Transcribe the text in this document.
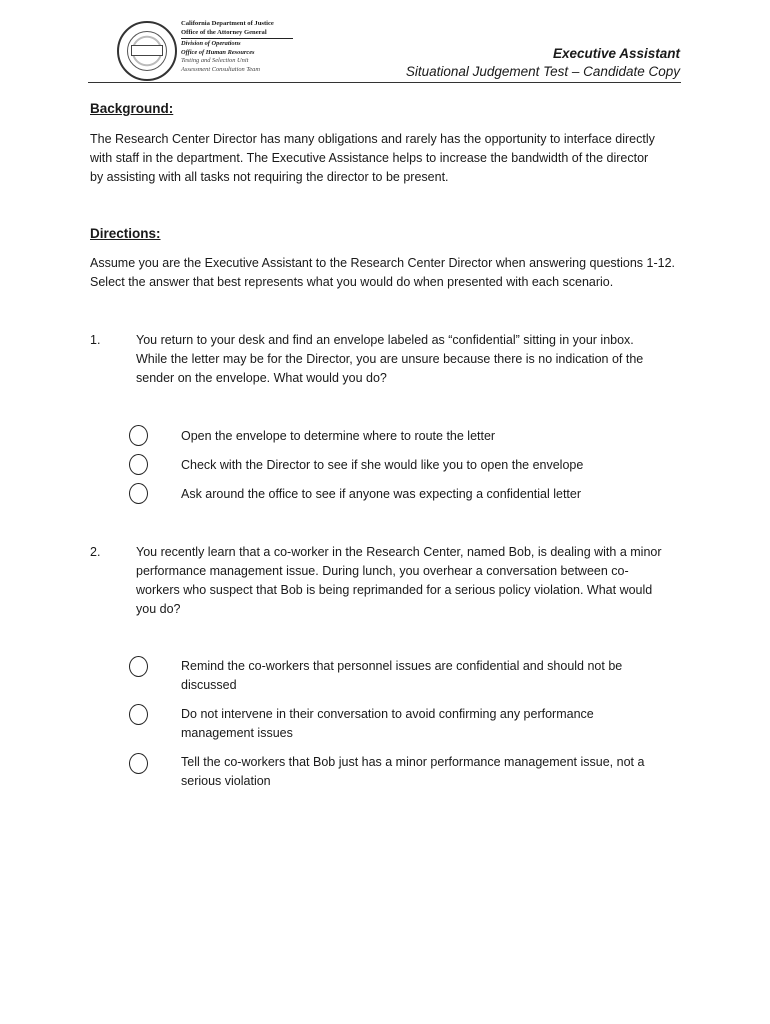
California Department of Justice
Office of the Attorney General
Division of Operations
Office of Human Resources
Testing and Selection Unit
Assessment Consultation Team
Executive Assistant
Situational Judgement Test – Candidate Copy
Background:
The Research Center Director has many obligations and rarely has the opportunity to interface directly
with staff in the department. The Executive Assistance helps to increase the bandwidth of the director
by assisting with all tasks not requiring the director to be present.
Directions:
Assume you are the Executive Assistant to the Research Center Director when answering questions 1-12.
Select the answer that best represents what you would do when presented with each scenario.
1.	You return to your desk and find an envelope labeled as “confidential” sitting in your inbox.
While the letter may be for the Director, you are unsure because there is no indication of the
sender on the envelope. What would you do?
Open the envelope to determine where to route the letter
Check with the Director to see if she would like you to open the envelope
Ask around the office to see if anyone was expecting a confidential letter
2.	You recently learn that a co-worker in the Research Center, named Bob, is dealing with a minor
performance management issue. During lunch, you overhear a conversation between co-
workers who suspect that Bob is being reprimanded for a serious policy violation. What would
you do?
Remind the co-workers that personnel issues are confidential and should not be
discussed
Do not intervene in their conversation to avoid confirming any performance
management issues
Tell the co-workers that Bob just has a minor performance management issue, not a
serious violation
